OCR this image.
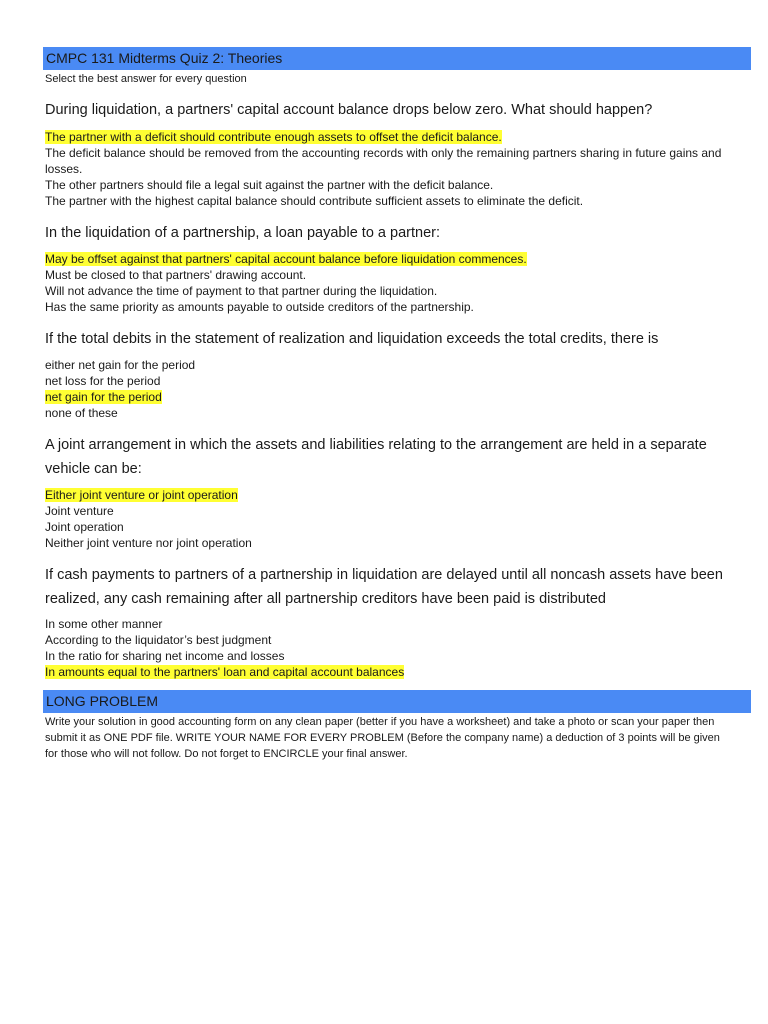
CMPC 131 Midterms Quiz 2: Theories
Select the best answer for every question
During liquidation, a partners' capital account balance drops below zero. What should happen?
The partner with a deficit should contribute enough assets to offset the deficit balance.
The deficit balance should be removed from the accounting records with only the remaining partners sharing in future gains and losses.
The other partners should file a legal suit against the partner with the deficit balance.
The partner with the highest capital balance should contribute sufficient assets to eliminate the deficit.
In the liquidation of a partnership, a loan payable to a partner:
May be offset against that partners' capital account balance before liquidation commences.
Must be closed to that partners' drawing account.
Will not advance the time of payment to that partner during the liquidation.
Has the same priority as amounts payable to outside creditors of the partnership.
If the total debits in the statement of realization and liquidation exceeds the total credits, there is
either net gain for the period
net loss for the period
net gain for the period
none of these
A joint arrangement in which the assets and liabilities relating to the arrangement are held in a separate vehicle can be:
Either joint venture or joint operation
Joint venture
Joint operation
Neither joint venture nor joint operation
If cash payments to partners of a partnership in liquidation are delayed until all noncash assets have been realized, any cash remaining after all partnership creditors have been paid is distributed
In some other manner
According to the liquidator’s best judgment
In the ratio for sharing net income and losses
In amounts equal to the partners' loan and capital account balances
LONG PROBLEM
Write your solution in good accounting form on any clean paper (better if you have a worksheet) and take a photo or scan your paper then submit it as ONE PDF file. WRITE YOUR NAME FOR EVERY PROBLEM (Before the company name) a deduction of 3 points will be given for those who will not follow. Do not forget to ENCIRCLE your final answer.
